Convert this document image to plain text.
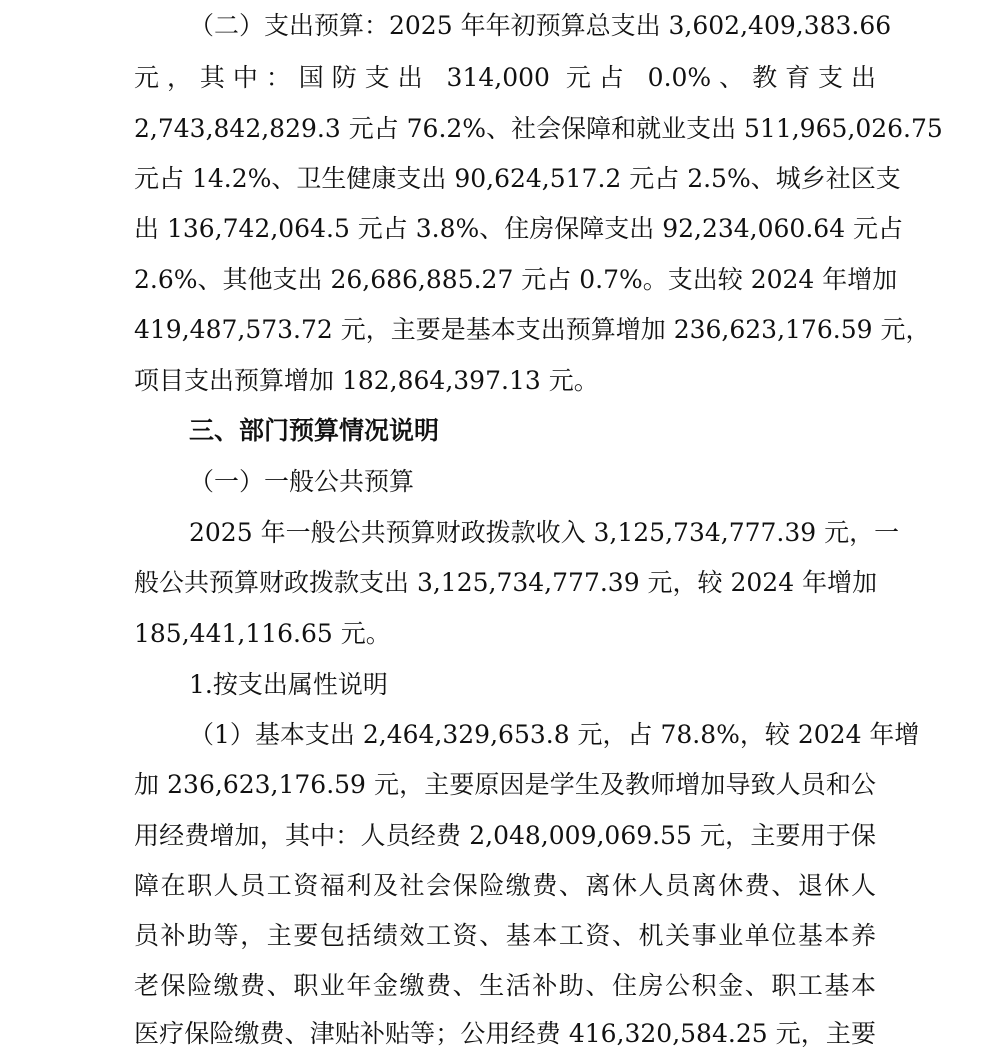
（二）支出预算：2025 年年初预算总支出 3,602,409,383.66
元，其中：国防支出 314,000 元占 0.0%、教育支出
2,743,842,829.3 元占 76.2%、社会保障和就业支出 511,965,026.75
元占 14.2%、卫生健康支出 90,624,517.2 元占 2.5%、城乡社区支
出 136,742,064.5 元占 3.8%、住房保障支出 92,234,060.64 元占
2.6%、其他支出 26,686,885.27 元占 0.7%。支出较 2024 年增加
419,487,573.72 元，主要是基本支出预算增加 236,623,176.59 元，
项目支出预算增加 182,864,397.13 元。
三、部门预算情况说明
（一）一般公共预算
2025 年一般公共预算财政拨款收入 3,125,734,777.39 元，一
般公共预算财政拨款支出 3,125,734,777.39 元，较 2024 年增加
185,441,116.65 元。
1.按支出属性说明
（1）基本支出 2,464,329,653.8 元，占 78.8%，较 2024 年增
加 236,623,176.59 元，主要原因是学生及教师增加导致人员和公
用经费增加，其中：人员经费 2,048,009,069.55 元，主要用于保
障在职人员工资福利及社会保险缴费、离休人员离休费、退休人
员补助等，主要包括绩效工资、基本工资、机关事业单位基本养
老保险缴费、职业年金缴费、生活补助、住房公积金、职工基本
医疗保险缴费、津贴补贴等；公用经费 416,320,584.25 元，主要
